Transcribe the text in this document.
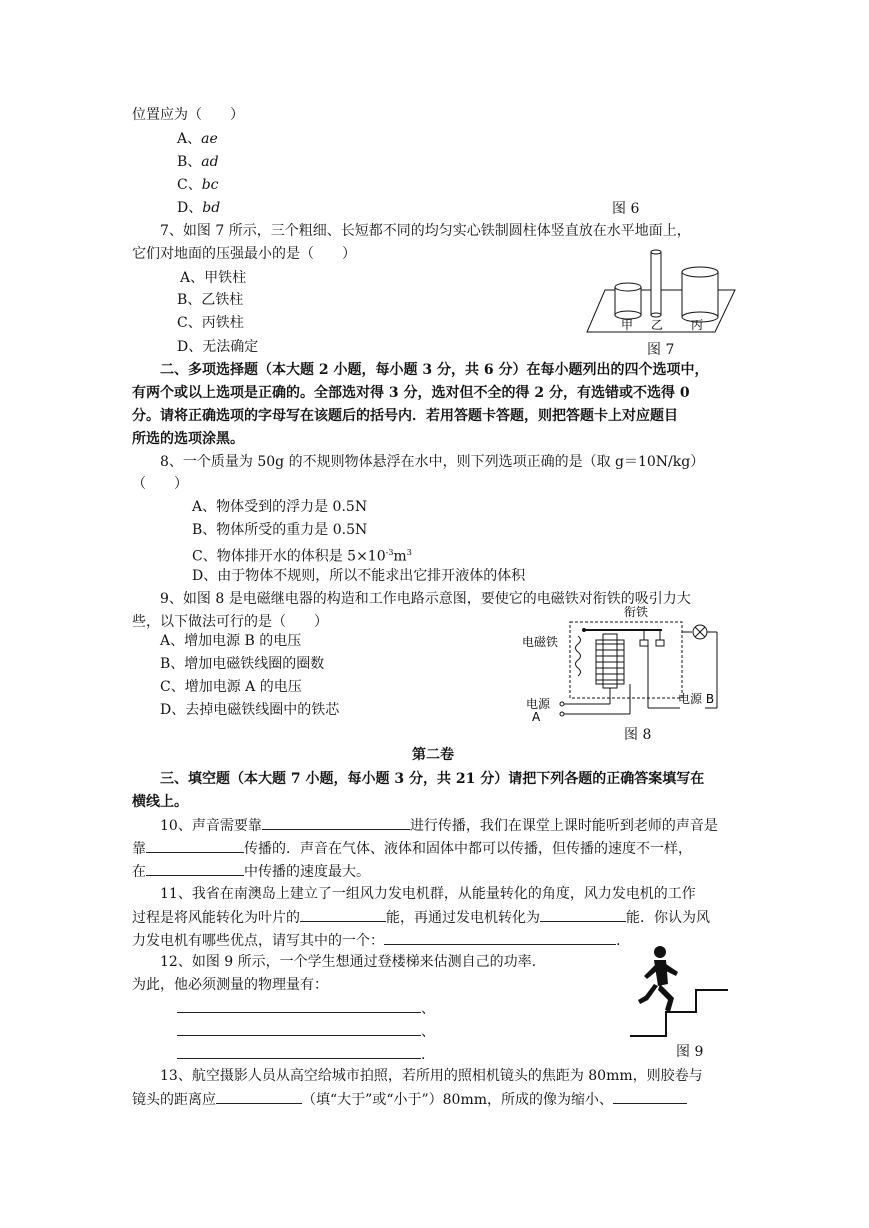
位置应为（　　）
A、ae
B、ad
C、bc
D、bd	图 6
7、如图 7 所示，三个粗细、长短都不同的均匀实心铁制圆柱体竖直放在水平地面上，
它们对地面的压强最小的是（　　）
A、甲铁柱
B、乙铁柱
C、丙铁柱
D、无法确定
甲 乙 丙
图 7
二、多项选择题（本大题 2 小题，每小题 3 分，共 6 分）在每小题列出的四个选项中，
有两个或以上选项是正确的。全部选对得 3 分，选对但不全的得 2 分，有选错或不选得 0
分。请将正确选项的字母写在该题后的括号内．若用答题卡答题，则把答题卡上对应题目
所选的选项涂黑。
8、一个质量为 50g 的不规则物体悬浮在水中，则下列选项正确的是（取 g＝10N/kg）
（　　）
A、物体受到的浮力是 0.5N
B、物体所受的重力是 0.5N
C、物体排开水的体积是 $5\times 10^{-3}m^3$
D、由于物体不规则，所以不能求出它排开液体的体积
9、如图 8 是电磁继电器的构造和工作电路示意图，要使它的电磁铁对衔铁的吸引力大
些，以下做法可行的是（　　）
A、增加电源 B 的电压
B、增加电磁铁线圈的圈数
C、增加电源 A 的电压
D、去掉电磁铁线圈中的铁芯
衔铁
电磁铁
电源 B
电源
A
图 8
第二卷
三、填空题（本大题 7 小题，每小题 3 分，共 21 分）请把下列各题的正确答案填写在
横线上。
10、声音需要靠	进行传播，我们在课堂上课时能听到老师的声音是
靠	传播的．声音在气体、液体和固体中都可以传播，但传播的速度不一样，
在	中传播的速度最大。
11、我省在南澳岛上建立了一组风力发电机群，从能量转化的角度，风力发电机的工作
过程是将风能转化为叶片的	能，再通过发电机转化为	能．你认为风
力发电机有哪些优点，请写其中的一个：	.
12、如图 9 所示，一个学生想通过登楼梯来估测自己的功率.
为此，他必须测量的物理量有：
、
、
.	图 9
13、航空摄影人员从高空给城市拍照，若所用的照相机镜头的焦距为 80mm，则胶卷与
镜头的距离应	（填“大于”或“小于”）80mm，所成的像为缩小、
